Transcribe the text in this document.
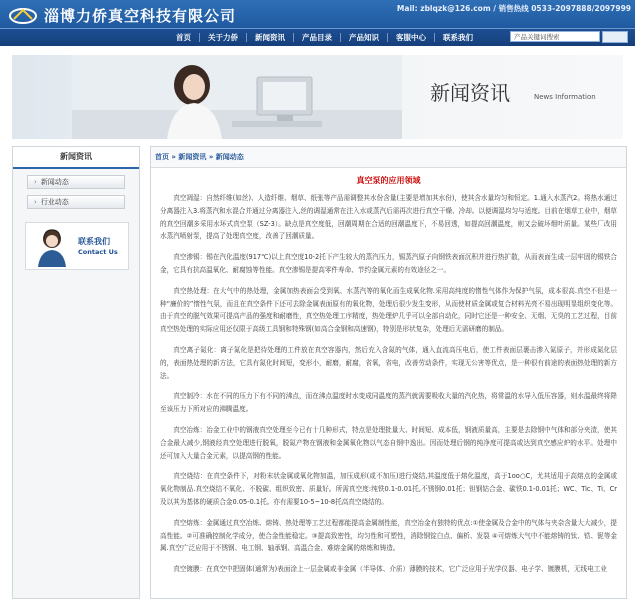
淄博力侨真空科技有限公司	Mail: zblqzk@126.com / 销售热线 0533-2097888/2097999
首页	关于力侨	新闻资讯	产品目录	产品知识	客服中心	联系我们	产品关键词搜索
新闻资讯	News Information
新闻资讯
› 新闻动态
› 行业动态
联系我们
Contact Us
首页 » 新闻资讯 » 新闻动态
真空泵的应用领域

真空凋湿：自然纤维(如丝)、人造纤维、烟草、纸张等产品需调整其水份含量(主要是增加其水份)，使其含水量均匀和恒定。1.通入水蒸汽2。将热水通过分离器注入3.将蒸汽和水混合并通过分离器注入,丝的调湿通常在注入水或蒸汽后需再次进行真空干燥、冷却。以便调湿均匀与适度。目前在烟草工业中，烟草的真空回潮多采用水环式真空泵（SZ-3）。缺点是真空度低，回潮周期在合适的回潮温度下，不易回透，如提高回潮温度，则又会破坏烟叶质量。某些厂改用水蒸汽喷射泵，提高了处理真空度，改善了回潮质量。

真空渗锡：锡在汽化温度(917℃)以上真空度10-2托下产生较大的蒸汽压力，锡蒸汽原子向钢铁表面沉积并进行热扩散，从而表面生成一层牢固的锡铁合金，它具有抗高温氧化、耐腐蚀等性能。真空渗锡是提高零件寿命、节约金属元素的有效途径之一。

真空热处理：在大气中的热处理，金属加热表面会受到氧、水蒸汽等的氧化而生成氧化物.采用高纯度的惰性气体作为保护气氛，成本很高.真空不但是一种“廉价的”惰性气氛，而且在真空条件下还可去除金属表面原有的氧化物，处理后很少发生变形，从而使材质金属或复合材料光亮不易出现明显组织变化等。由于真空的脱气效果可提高产品的强度和耐磨性，真空热处理工序精度，热处理炉几乎可以全部自动化，同时它还是一种安全、无烟、无臭的工艺过程，目前真空热处理的实际应用还仅限于高级工具钢和特殊钢(如高合金钢和高速钢)，特别是形状复杂，处理后无需研磨的制品。

真空离子氮化：离子氮化是把待处理的工件放在真空容器内，然后充入含氮的气体，通入直流高压电后，使工件表面层裹击渗入氮原子，并形成氮化层的，表面热处理的新方法，它具有氮化时间短，变形小，耐磨，耐腐，省氧，省电，改善劳动条件，实现无公害等优点，是一种很有前途的表面热处理的新方法。

真空制冷：水在不同的压力下有不同的沸点，而在沸点温度时水变成同温度的蒸汽就需要吸收大量的汽化热，将常温的水导入低压容器，则水温最终将降至该压力下所对应的沸腾温度。

真空冶炼：冶金工业中的钢液真空处理至今已有十几种形式，特点是处理批量大、时间短、成本低，钢液质量高，主要是去除钢中气体和部分夹渣，使其合金最大减少,钢液经真空处理进行脱氧，脱氮产物在钢液和金属氧化物以气态自钢中逸出。因而处理后钢的纯净度可提高或达到真空感应炉的水平。处理中还可加入大量合金元素，以提高钢的性能。

真空烧结：在真空条件下，对粉末状金属或氧化物加温，加压成形(或不加压)进行烧结,其温度低于熔化温度，高于1oo○C，尤其适用于高熔点的金属或氧化物制品.真空烧结不氧化、不脱碳、组织致密、质量好。所需真空度:纯铁0.1-0.01托,不锈钢0.01托；钽钢钴合金、碳铁0.1-0.01托；WC、Tic、Ti、Cr及以其为基体的硬质合金0.05-0.1托。亦有需要10-5~10-8托高真空烧结的。

真空熔炼：金属通过真空冶炼、熔铸、热处理等工艺过程都能提高金属制性能，真空冶金有独特的优点:①使金属及合金中的气体与夹杂含量大大减少，提高性能。②可准确控制化学成分，使合金性能稳定。③提高致密性，均匀性和可塑性，消除钢锭白点、偏析、发裂 ④可熔炼大气中不能熔铸的钛、锆、铌等金属.真空广泛应用于不锈钢、电工钢、轴承钢、高温合金、难熔金属的熔炼和铸造。

真空镀膜：在真空中把固体(通常为)表面涂上一层金属或非金属（半导体、介质）薄膜的技术，它广泛应用于光学仪器、电子学、镀膜机，无线电工业
